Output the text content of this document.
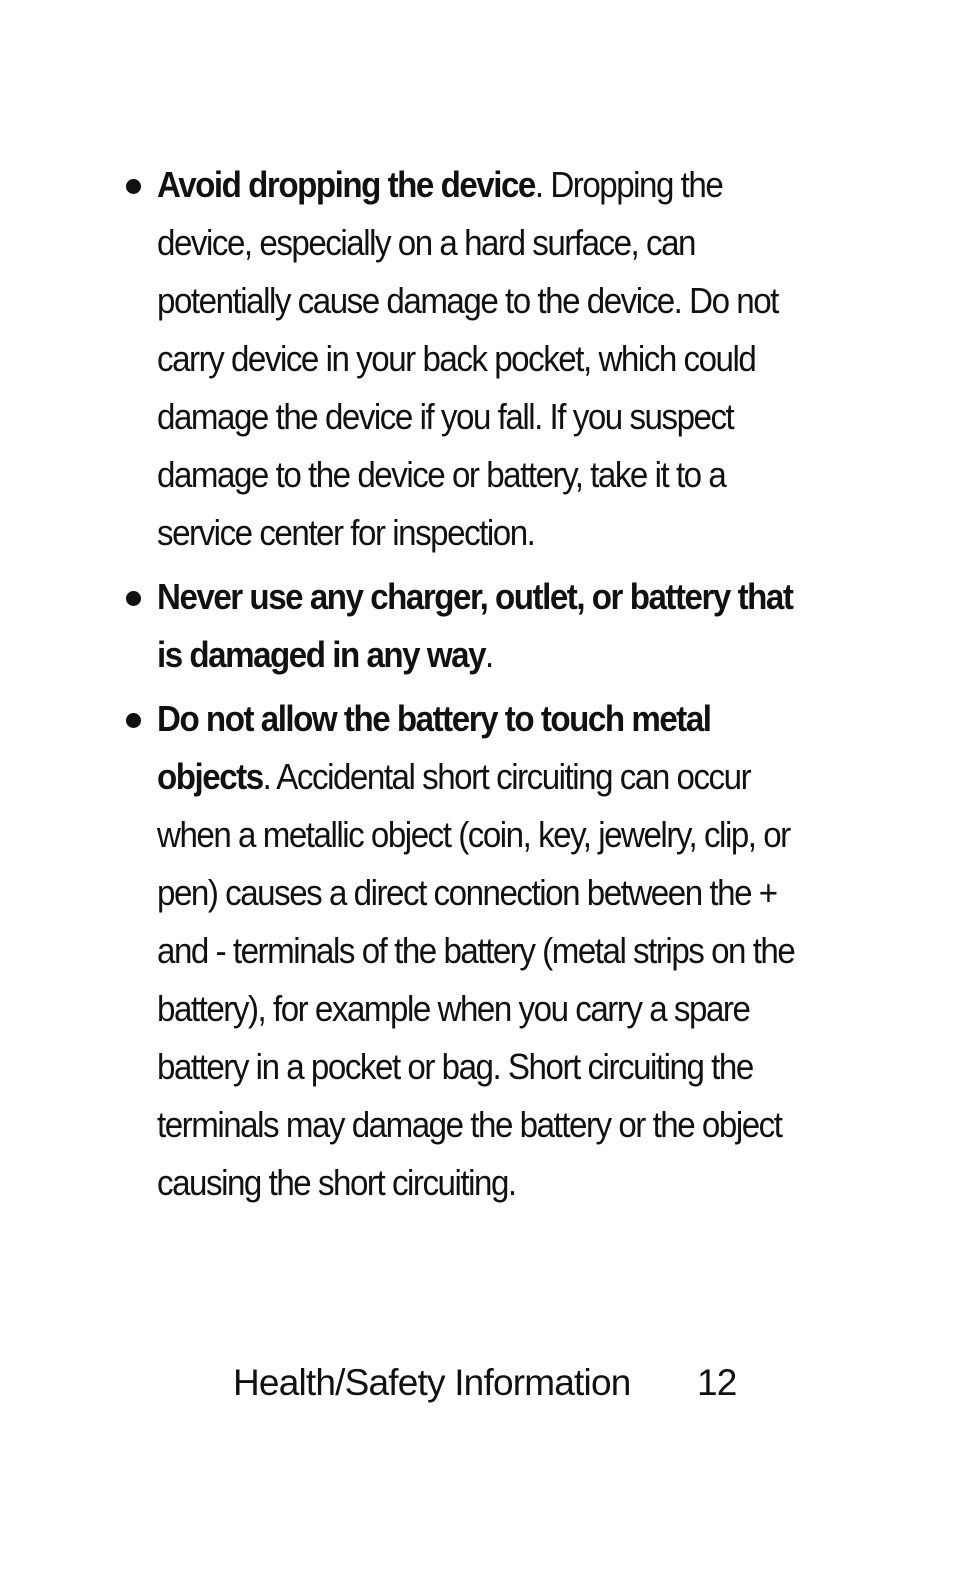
Avoid dropping the device. Dropping the device, especially on a hard surface, can potentially cause damage to the device. Do not carry device in your back pocket, which could damage the device if you fall. If you suspect damage to the device or battery, take it to a service center for inspection.
Never use any charger, outlet, or battery that is damaged in any way.
Do not allow the battery to touch metal objects. Accidental short circuiting can occur when a metallic object (coin, key, jewelry, clip, or pen) causes a direct connection between the + and - terminals of the battery (metal strips on the battery), for example when you carry a spare battery in a pocket or bag. Short circuiting the terminals may damage the battery or the object causing the short circuiting.
Health/Safety Information 12
